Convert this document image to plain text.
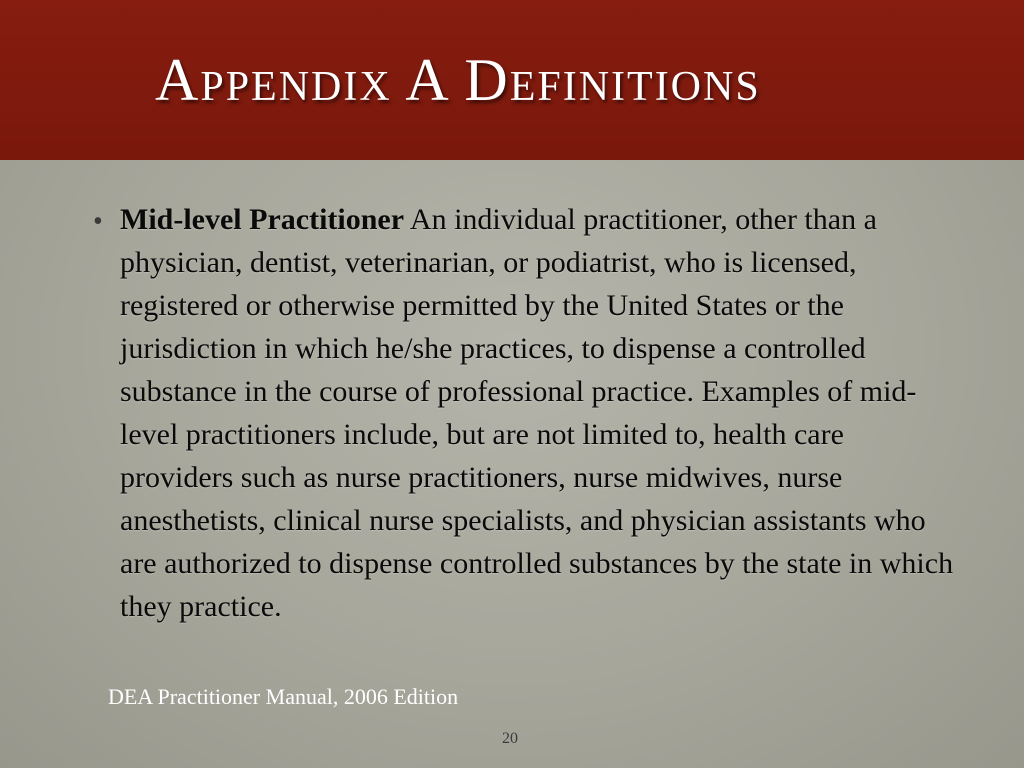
Appendix A Definitions
• Mid-level Practitioner An individual practitioner, other than a physician, dentist, veterinarian, or podiatrist, who is licensed, registered or otherwise permitted by the United States or the jurisdiction in which he/she practices, to dispense a controlled substance in the course of professional practice. Examples of mid-level practitioners include, but are not limited to, health care providers such as nurse practitioners, nurse midwives, nurse anesthetists, clinical nurse specialists, and physician assistants who are authorized to dispense controlled substances by the state in which they practice.

DEA Practitioner Manual, 2006 Edition

20
